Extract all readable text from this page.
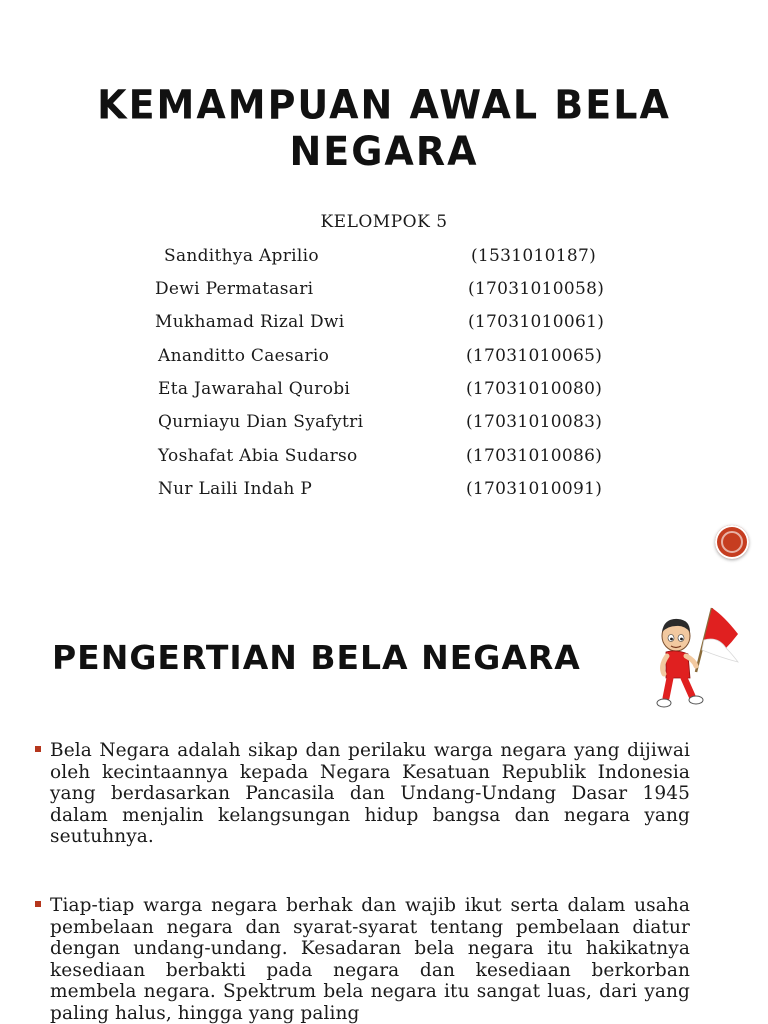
KEMAMPUAN AWAL BELA NEGARA
KELOMPOK 5
Sandithya Aprilio	(1531010187)
Dewi Permatasari	(17031010058)
Mukhamad Rizal Dwi	(17031010061)
Ananditto Caesario	(17031010065)
Eta Jawarahal Qurobi	(17031010080)
Qurniayu Dian Syafytri	(17031010083)
Yoshafat Abia Sudarso	(17031010086)
Nur Laili Indah P	(17031010091)
PENGERTIAN BELA NEGARA
Bela Negara adalah sikap dan perilaku warga negara yang dijiwai oleh kecintaannya kepada Negara Kesatuan Republik Indonesia yang berdasarkan Pancasila dan Undang-Undang Dasar 1945 dalam menjalin kelangsungan hidup bangsa dan negara yang seutuhnya.
Tiap-tiap warga negara berhak dan wajib ikut serta dalam usaha pembelaan negara dan syarat-syarat tentang pembelaan diatur dengan undang-undang. Kesadaran bela negara itu hakikatnya kesediaan berbakti pada negara dan kesediaan berkorban membela negara. Spektrum bela negara itu sangat luas, dari yang paling halus, hingga yang paling
